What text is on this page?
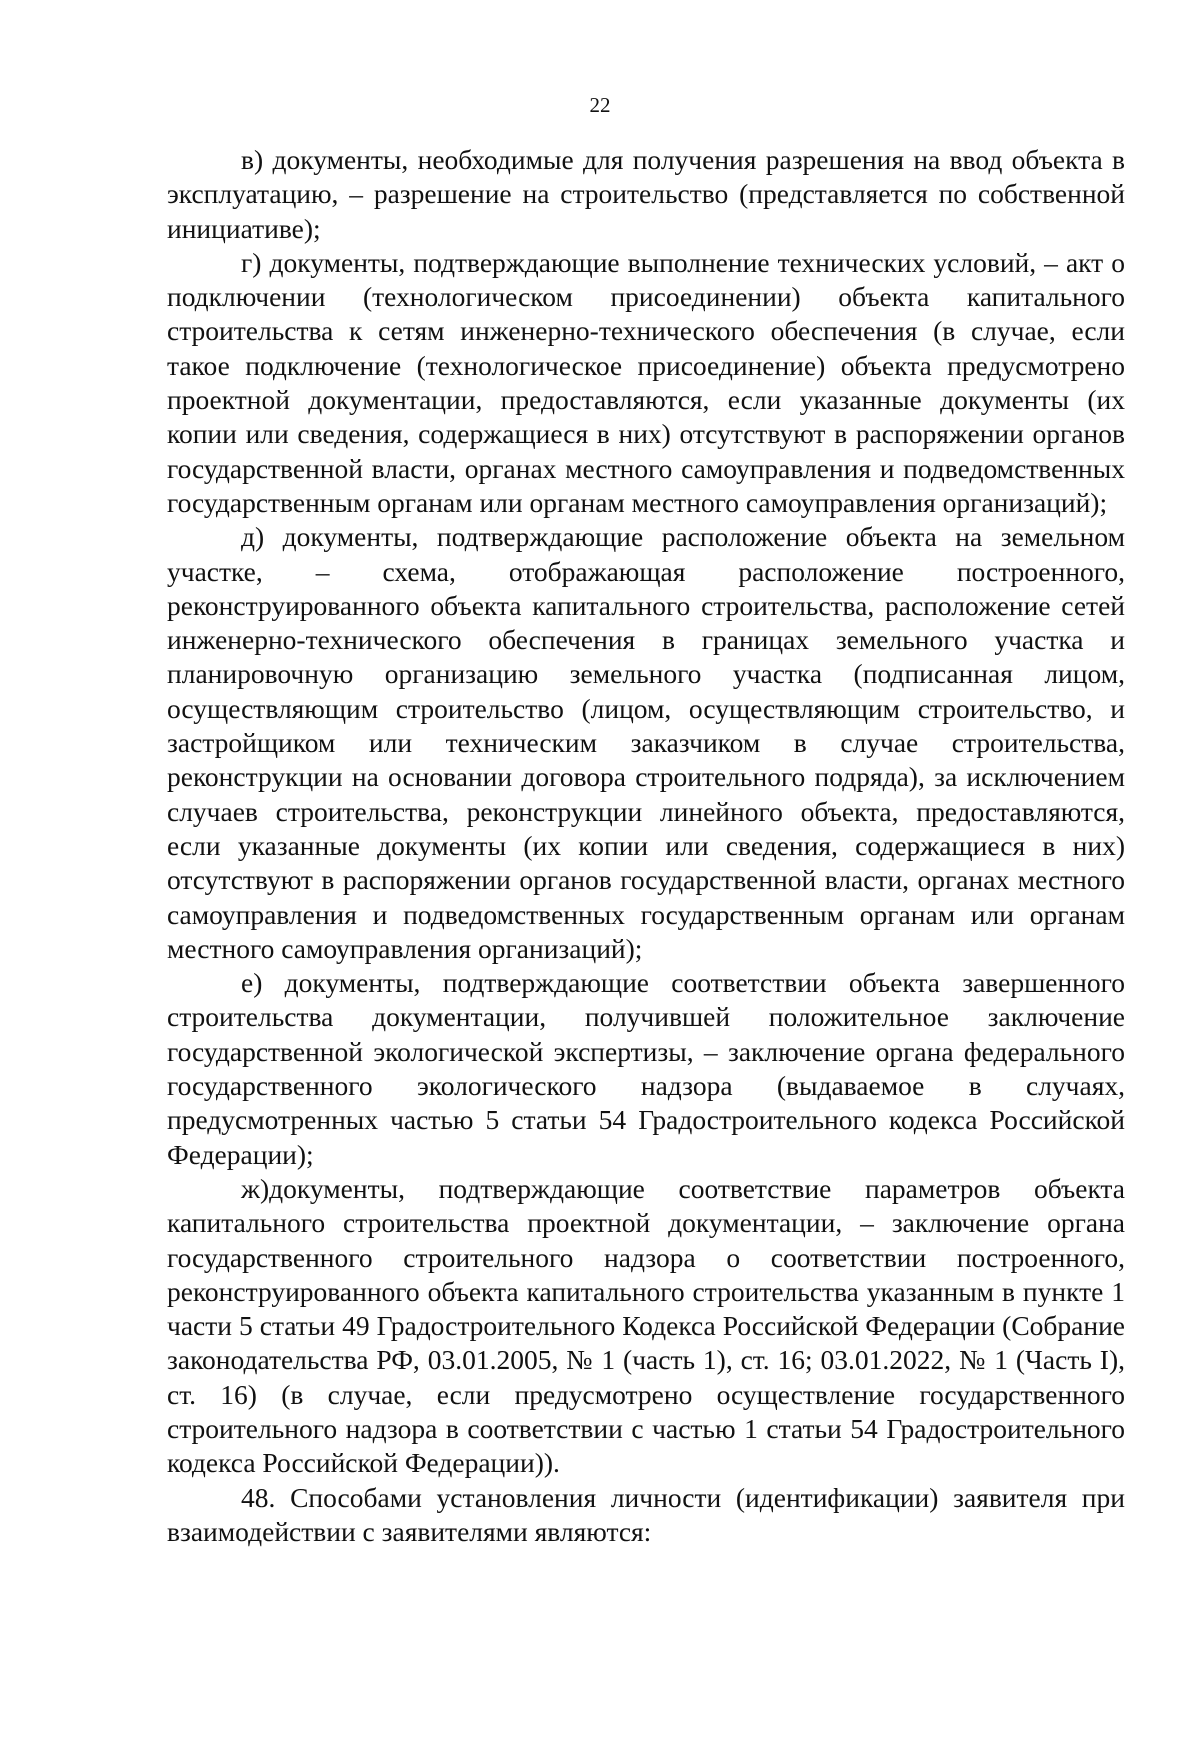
22

в) документы, необходимые для получения разрешения на ввод объекта в эксплуатацию, – разрешение на строительство (представляется по собственной инициативе);

г) документы, подтверждающие выполнение технических условий, – акт о подключении (технологическом присоединении) объекта капитального строительства к сетям инженерно-технического обеспечения (в случае, если такое подключение (технологическое присоединение) объекта предусмотрено проектной документации, предоставляются, если указанные документы (их копии или сведения, содержащиеся в них) отсутствуют в распоряжении органов государственной власти, органах местного самоуправления и подведомственных государственным органам или органам местного самоуправления организаций);

д) документы, подтверждающие расположение объекта на земельном участке, – схема, отображающая расположение построенного, реконструированного объекта капитального строительства, расположение сетей инженерно-технического обеспечения в границах земельного участка и планировочную организацию земельного участка (подписанная лицом, осуществляющим строительство (лицом, осуществляющим строительство, и застройщиком или техническим заказчиком в случае строительства, реконструкции на основании договора строительного подряда), за исключением случаев строительства, реконструкции линейного объекта, предоставляются, если указанные документы (их копии или сведения, содержащиеся в них) отсутствуют в распоряжении органов государственной власти, органах местного самоуправления и подведомственных государственным органам или органам местного самоуправления организаций);

е) документы, подтверждающие соответствии объекта завершенного строительства документации, получившей положительное заключение государственной экологической экспертизы, – заключение органа федерального государственного экологического надзора (выдаваемое в случаях, предусмотренных частью 5 статьи 54 Градостроительного кодекса Российской Федерации);

ж)документы, подтверждающие соответствие параметров объекта капитального строительства проектной документации, – заключение органа государственного строительного надзора о соответствии построенного, реконструированного объекта капитального строительства указанным в пункте 1 части 5 статьи 49 Градостроительного Кодекса Российской Федерации (Собрание законодательства РФ, 03.01.2005, № 1 (часть 1), ст. 16; 03.01.2022, № 1 (Часть I), ст. 16) (в случае, если предусмотрено осуществление государственного строительного надзора в соответствии с частью 1 статьи 54 Градостроительного кодекса Российской Федерации)).

48. Способами установления личности (идентификации) заявителя при взаимодействии с заявителями являются:
